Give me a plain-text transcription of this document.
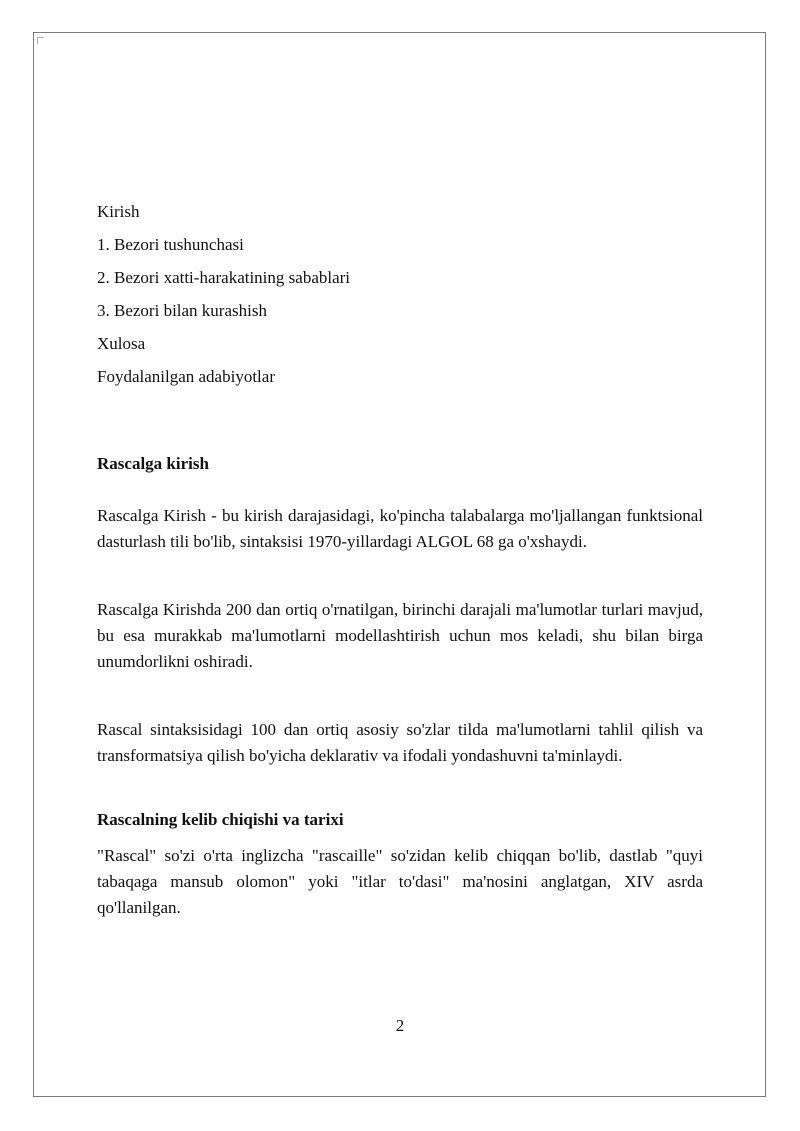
Kirish
1. Bezori tushunchasi
2. Bezori xatti-harakatining sabablari
3. Bezori bilan kurashish
Xulosa
Foydalanilgan adabiyotlar

Rascalga kirish

Rascalga Kirish - bu kirish darajasidagi, ko'pincha talabalarga mo'ljallangan funktsional dasturlash tili bo'lib, sintaksisi 1970-yillardagi ALGOL 68 ga o'xshaydi.

Rascalga Kirishda 200 dan ortiq o'rnatilgan, birinchi darajali ma'lumotlar turlari mavjud, bu esa murakkab ma'lumotlarni modellashtirish uchun mos keladi, shu bilan birga unumdorlikni oshiradi.

Rascal sintaksisidagi 100 dan ortiq asosiy so'zlar tilda ma'lumotlarni tahlil qilish va transformatsiya qilish bo'yicha deklarativ va ifodali yondashuvni ta'minlaydi.

Rascalning kelib chiqishi va tarixi

"Rascal" so'zi o'rta inglizcha "rascaille" so'zidan kelib chiqqan bo'lib, dastlab "quyi tabaqaga mansub olomon" yoki "itlar to'dasi" ma'nosini anglatgan, XIV asrda qo'llanilgan.

2
